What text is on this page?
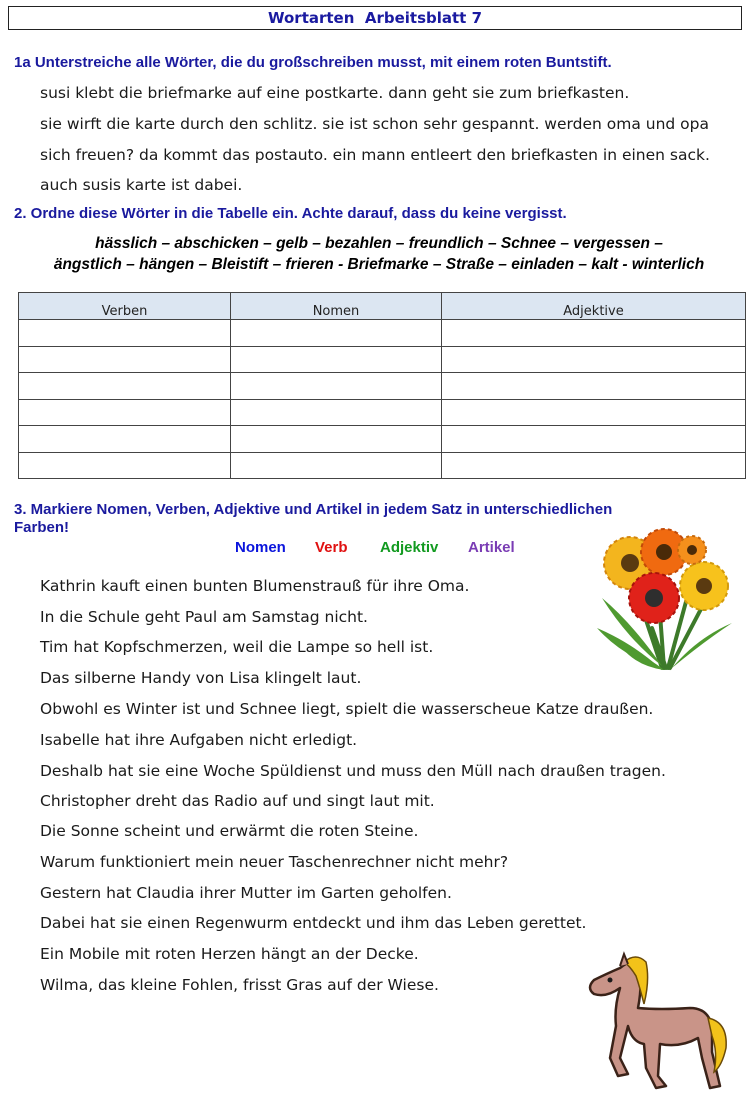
Wortarten  Arbeitsblatt 7
1a Unterstreiche alle Wörter, die du großschreiben musst, mit einem roten Buntstift.
susi klebt die briefmarke auf eine postkarte. dann geht sie zum briefkasten.
sie wirft die karte durch den schlitz. sie ist schon sehr gespannt. werden oma und opa
sich freuen? da kommt das postauto. ein mann entleert den briefkasten in einen sack.
auch susis karte ist dabei.
2. Ordne diese Wörter in die Tabelle ein. Achte darauf, dass du keine vergisst.
hässlich – abschicken – gelb – bezahlen – freundlich – Schnee – vergessen –
ängstlich – hängen – Bleistift – frieren - Briefmarke – Straße – einladen – kalt - winterlich
Verben	Nomen	Adjektive

3. Markiere Nomen, Verben, Adjektive und Artikel in jedem Satz in unterschiedlichen
Farben!
Nomen Verb Adjektiv Artikel
Kathrin kauft einen bunten Blumenstrauß für ihre Oma.
In die Schule geht Paul am Samstag nicht.
Tim hat Kopfschmerzen, weil die Lampe so hell ist.
Das silberne Handy von Lisa klingelt laut.
Obwohl es Winter ist und Schnee liegt, spielt die wasserscheue Katze draußen.
Isabelle hat ihre Aufgaben nicht erledigt.
Deshalb hat sie eine Woche Spüldienst und muss den Müll nach draußen tragen.
Christopher dreht das Radio auf und singt laut mit.
Die Sonne scheint und erwärmt die roten Steine.
Warum funktioniert mein neuer Taschenrechner nicht mehr?
Gestern hat Claudia ihrer Mutter im Garten geholfen.
Dabei hat sie einen Regenwurm entdeckt und ihm das Leben gerettet.
Ein Mobile mit roten Herzen hängt an der Decke.
Wilma, das kleine Fohlen, frisst Gras auf der Wiese.
